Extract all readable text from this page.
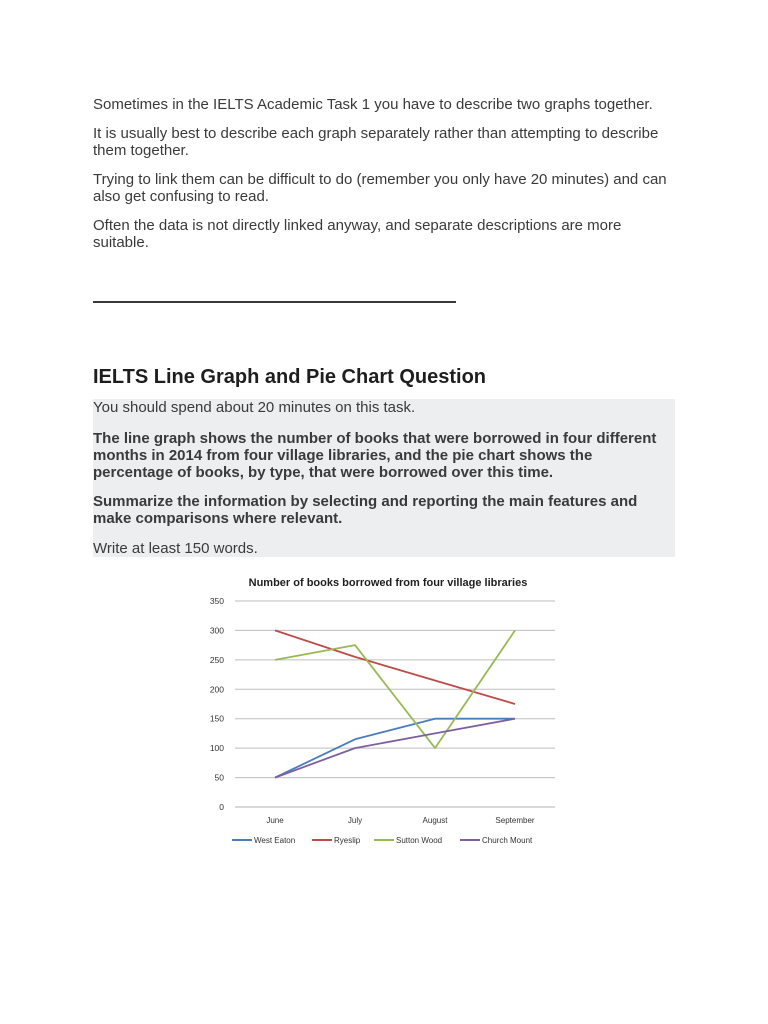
Sometimes in the IELTS Academic Task 1 you have to describe two graphs together.

It is usually best to describe each graph separately rather than attempting to describe them together.

Trying to link them can be difficult to do (remember you only have 20 minutes) and can also get confusing to read.

Often the data is not directly linked anyway, and separate descriptions are more suitable.

IELTS Line Graph and Pie Chart Question

You should spend about 20 minutes on this task.

The line graph shows the number of books that were borrowed in four different months in 2014 from four village libraries, and the pie chart shows the percentage of books, by type, that were borrowed over this time.

Summarize the information by selecting and reporting the main features and make comparisons where relevant.

Write at least 150 words.

Number of books borrowed from four village libraries
0
50
100
150
200
250
300
350
June	July	August	September
West Eaton	Ryeslip	Sutton Wood	Church Mount
